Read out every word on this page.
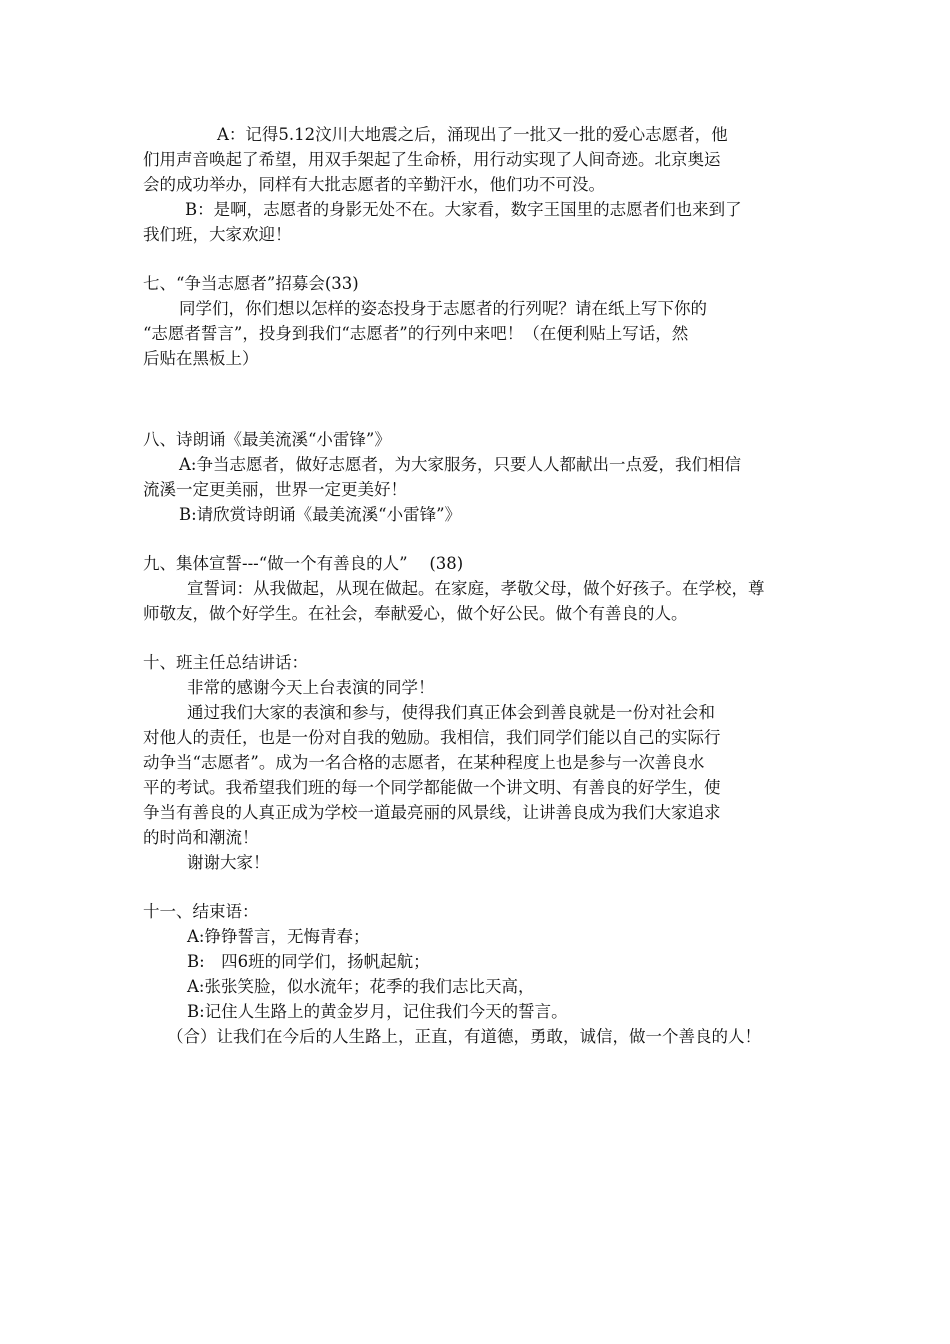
A：记得5.12汶川大地震之后，涌现出了一批又一批的爱心志愿者，他
们用声音唤起了希望，用双手架起了生命桥，用行动实现了人间奇迹。北京奥运
会的成功举办，同样有大批志愿者的辛勤汗水，他们功不可没。
B：是啊，志愿者的身影无处不在。大家看，数字王国里的志愿者们也来到了
我们班，大家欢迎！
七、“争当志愿者”招募会(33)
同学们，你们想以怎样的姿态投身于志愿者的行列呢？请在纸上写下你的
“志愿者誓言”，投身到我们“志愿者”的行列中来吧！（在便利贴上写话，然
后贴在黑板上）
八、诗朗诵《最美流溪“小雷锋”》
A:争当志愿者，做好志愿者，为大家服务，只要人人都献出一点爱，我们相信
流溪一定更美丽，世界一定更美好！
B:请欣赏诗朗诵《最美流溪“小雷锋”》
九、集体宣誓---“做一个有善良的人”　 (38)
宣誓词：从我做起，从现在做起。在家庭，孝敬父母，做个好孩子。在学校，尊
师敬友，做个好学生。在社会，奉献爱心，做个好公民。做个有善良的人。
十、班主任总结讲话：
非常的感谢今天上台表演的同学！
通过我们大家的表演和参与，使得我们真正体会到善良就是一份对社会和
对他人的责任，也是一份对自我的勉励。我相信，我们同学们能以自己的实际行
动争当“志愿者”。成为一名合格的志愿者，在某种程度上也是参与一次善良水
平的考试。我希望我们班的每一个同学都能做一个讲文明、有善良的好学生，使
争当有善良的人真正成为学校一道最亮丽的风景线，让讲善良成为我们大家追求
的时尚和潮流！
谢谢大家！
十一、结束语：
A:铮铮誓言，无悔青春；
B:　四6班的同学们，扬帆起航；
A:张张笑脸，似水流年；花季的我们志比天高，
B:记住人生路上的黄金岁月，记住我们今天的誓言。
（合）让我们在今后的人生路上，正直，有道德，勇敢，诚信，做一个善良的人！
